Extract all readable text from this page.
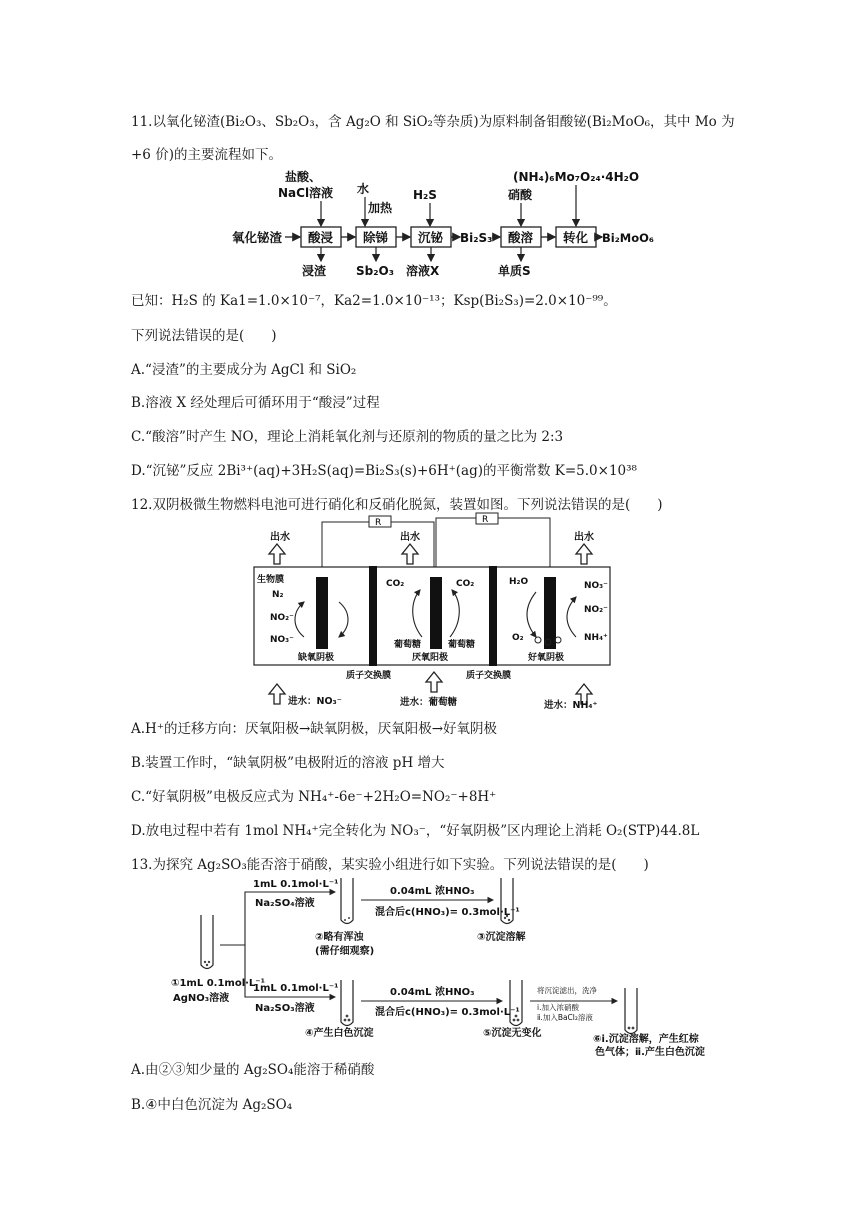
11.以氧化铋渣(Bi₂O₃、Sb₂O₃，含 Ag₂O 和 SiO₂等杂质)为原料制备钼酸铋(Bi₂MoO₆，其中 Mo 为
+6 价)的主要流程如下。
氧化铋渣 酸浸 除锑 沉铋 Bi₂S₃ 酸溶 转化 Bi₂MoO₆
盐酸、
NaCl溶液 水
加热
H₂S	硝酸
(NH₄)₆Mo₇O₂₄·4H₂O
浸渣 Sb₂O₃ 溶液X	单质S
已知：H₂S 的 Ka1=1.0×10⁻⁷，Ka2=1.0×10⁻¹³；Ksp(Bi₂S₃)=2.0×10⁻⁹⁹。
下列说法错误的是(　　)
A.“浸渣”的主要成分为 AgCl 和 SiO₂
B.溶液 X 经处理后可循环用于“酸浸”过程
C.“酸溶”时产生 NO，理论上消耗氧化剂与还原剂的物质的量之比为 2:3
D.“沉铋”反应 2Bi³⁺(aq)+3H₂S(aq)=Bi₂S₃(s)+6H⁺(ag)的平衡常数 K=5.0×10³⁸
12.双阴极微生物燃料电池可进行硝化和反硝化脱氮，装置如图。下列说法错误的是(　　)
R	R
出水	出水	出水
生物膜
N₂
NO₂⁻
NO₃⁻
CO₂	CO₂
葡萄糖	葡萄糖
H₂O	NO₃⁻
NO₂⁻
O₂	NH₄⁺
缺氧阴极	厌氧阳极	好氧阴极
质子交换膜	质子交换膜
进水：NO₃⁻	进水：葡萄糖	进水：NH₄⁺
A.H⁺的迁移方向：厌氧阳极→缺氧阴极，厌氧阳极→好氧阴极
B.装置工作时，“缺氧阴极”电极附近的溶液 pH 增大
C.“好氧阴极”电极反应式为 NH₄⁺-6e⁻+2H₂O=NO₂⁻+8H⁺
D.放电过程中若有 1mol NH₄⁺完全转化为 NO₃⁻，“好氧阴极”区内理论上消耗 O₂(STP)44.8L
13.为探究 Ag₂SO₃能否溶于硝酸，某实验小组进行如下实验。下列说法错误的是(　　)
①1mL 0.1mol·L⁻¹
AgNO₃溶液
1mL 0.1mol·L⁻¹
Na₂SO₄溶液
1mL 0.1mol·L⁻¹
Na₂SO₃溶液
0.04mL 浓HNO₃
混合后c(HNO₃)= 0.3mol·L⁻¹
0.04mL 浓HNO₃
混合后c(HNO₃)= 0.3mol·L⁻¹
②略有浑浊
(需仔细观察)
③沉淀溶解
④产生白色沉淀	⑤沉淀无变化
⑥ⅰ.沉淀溶解，产生红棕
色气体；ⅱ.产生白色沉淀
将沉淀滤出，洗净
ⅰ.加入浓硝酸
ⅱ.加入BaCl₂溶液
A.由②③知少量的 Ag₂SO₄能溶于稀硝酸
B.④中白色沉淀为 Ag₂SO₄
